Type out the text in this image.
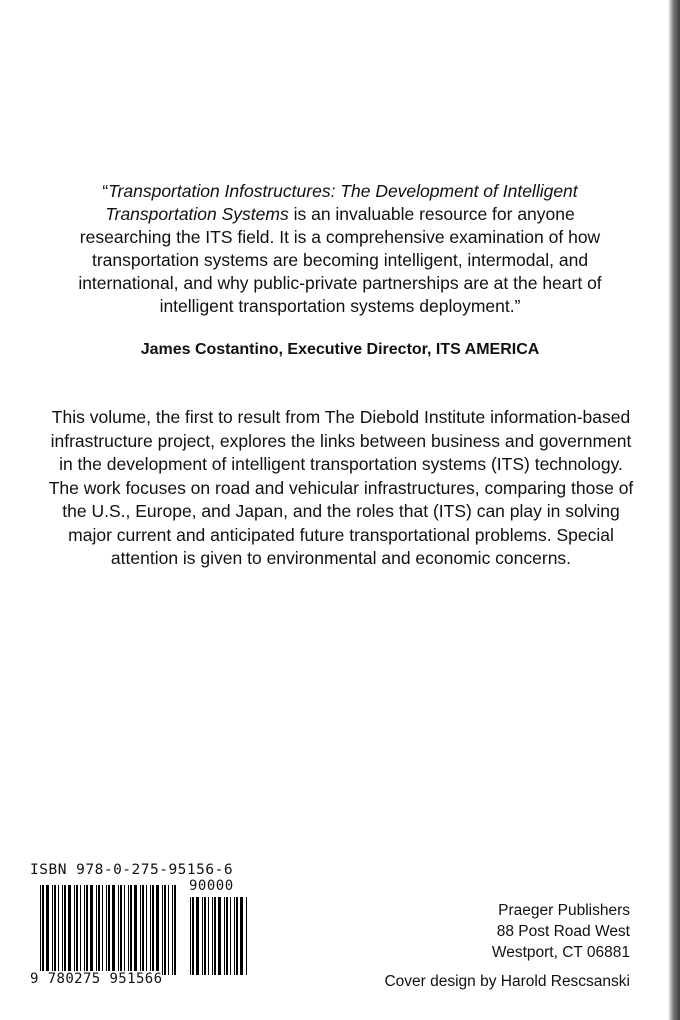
“Transportation Infostructures: The Development of Intelligent Transportation Systems is an invaluable resource for anyone researching the ITS field. It is a comprehensive examination of how transportation systems are becoming intelligent, intermodal, and international, and why public-private partnerships are at the heart of intelligent transportation systems deployment.”
James Costantino, Executive Director, ITS AMERICA
This volume, the first to result from The Diebold Institute information-based infrastructure project, explores the links between business and government in the development of intelligent transportation systems (ITS) technology. The work focuses on road and vehicular infrastructures, comparing those of the U.S., Europe, and Japan, and the roles that (ITS) can play in solving major current and anticipated future transportational problems. Special attention is given to environmental and economic concerns.
ISBN 978-0-275-95156-6
90000
9 780275 951566
Praeger Publishers
88 Post Road West
Westport, CT 06881
Cover design by Harold Rescsanski
